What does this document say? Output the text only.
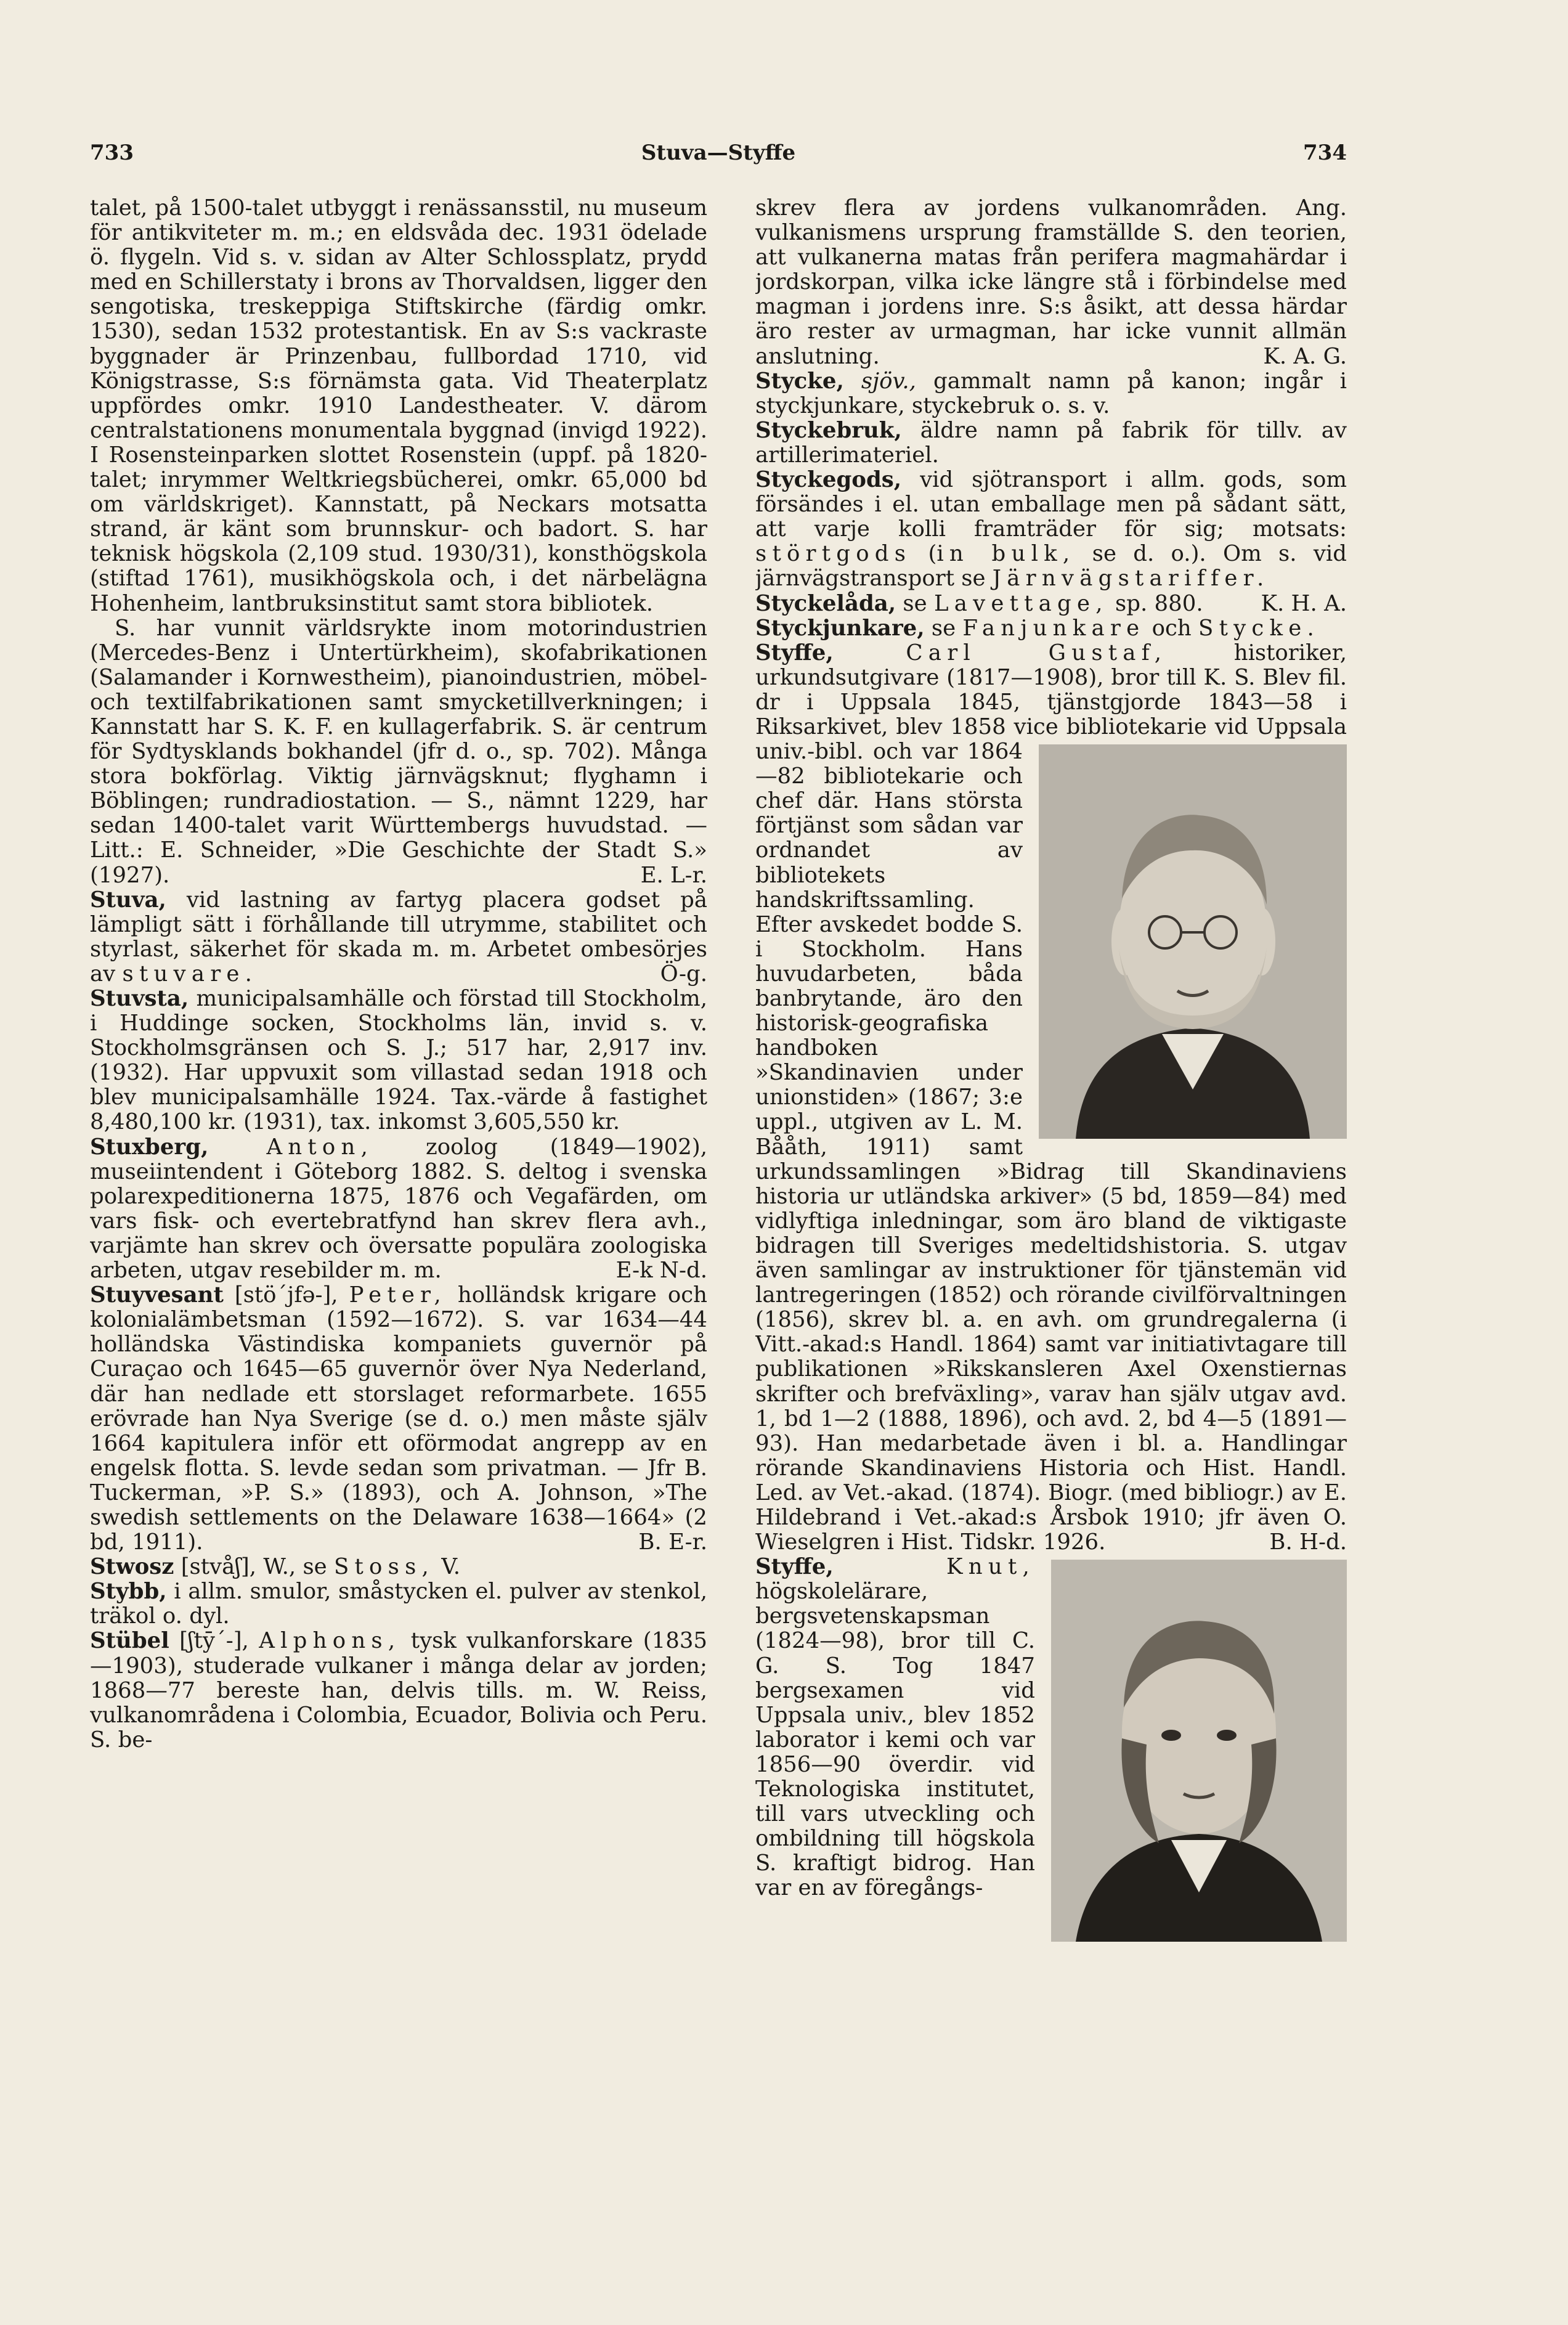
733	Stuva—Styffe	734

talet, på 1500-talet utbyggt i renässansstil, nu museum för antikviteter m. m.; en eldsvåda dec. 1931 ödelade ö. flygeln. Vid s. v. sidan av Alter Schlossplatz, prydd med en Schillerstaty i brons av Thorvaldsen, ligger den sengotiska, treskeppiga Stiftskirche (färdig omkr. 1530), sedan 1532 protestantisk. En av S:s vackraste byggnader är Prinzenbau, fullbordad 1710, vid Königstrasse, S:s förnämsta gata. Vid Theaterplatz uppfördes omkr. 1910 Landestheater. V. därom centralstationens monumentala byggnad (invigd 1922). I Rosensteinparken slottet Rosenstein (uppf. på 1820-talet; inrymmer Weltkriegsbücherei, omkr. 65,000 bd om världskriget). Kannstatt, på Neckars motsatta strand, är känt som brunnskur- och badort. S. har teknisk högskola (2,109 stud. 1930/31), konsthögskola (stiftad 1761), musikhögskola och, i det närbelägna Hohenheim, lantbruksinstitut samt stora bibliotek.

S. har vunnit världsrykte inom motorindustrien (Mercedes-Benz i Untertürkheim), skofabrikationen (Salamander i Kornwestheim), pianoindustrien, möbel- och textilfabrikationen samt smycketillverkningen; i Kannstatt har S. K. F. en kullagerfabrik. S. är centrum för Sydtysklands bokhandel (jfr d. o., sp. 702). Många stora bokförlag. Viktig järnvägsknut; flyghamn i Böblingen; rundradiostation. — S., nämnt 1229, har sedan 1400-talet varit Württembergs huvudstad. — Litt.: E. Schneider, »Die Geschichte der Stadt S.» (1927).	E. L-r.

Stuva, vid lastning av fartyg placera godset på lämpligt sätt i förhållande till utrymme, stabilitet och styrlast, säkerhet för skada m. m. Arbetet ombesörjes av stuvare.	Ö-g.

Stuvsta, municipalsamhälle och förstad till Stockholm, i Huddinge socken, Stockholms län, invid s. v. Stockholmsgränsen och S. J.; 517 har, 2,917 inv. (1932). Har uppvuxit som villastad sedan 1918 och blev municipalsamhälle 1924. Tax.-värde å fastighet 8,480,100 kr. (1931), tax. inkomst 3,605,550 kr.

Stuxberg, Anton, zoolog (1849—1902), museiintendent i Göteborg 1882. S. deltog i svenska polarexpeditionerna 1875, 1876 och Vegafärden, om vars fisk- och evertebratfynd han skrev flera avh., varjämte han skrev och översatte populära zoologiska arbeten, utgav resebilder m. m.	E-k N-d.

Stuyvesant [stö´jfə-], Peter, holländsk krigare och kolonialämbetsman (1592—1672). S. var 1634—44 holländska Västindiska kompaniets guvernör på Curaçao och 1645—65 guvernör över Nya Nederland, där han nedlade ett storslaget reformarbete. 1655 erövrade han Nya Sverige (se d. o.) men måste själv 1664 kapitulera inför ett oförmodat angrepp av en engelsk flotta. S. levde sedan som privatman. — Jfr B. Tuckerman, »P. S.» (1893), och A. Johnson, »The swedish settlements on the Delaware 1638—1664» (2 bd, 1911).	B. E-r.

Stwosz [stvåʃ], W., se Stoss, V.

Stybb, i allm. smulor, småstycken el. pulver av stenkol, träkol o. dyl.

Stübel [ʃtȳ´-], Alphons, tysk vulkanforskare (1835—1903), studerade vulkaner i många delar av jorden; 1868—77 bereste han, delvis tills. m. W. Reiss, vulkanområdena i Colombia, Ecuador, Bolivia och Peru. S. be-

skrev flera av jordens vulkanområden. Ang. vulkanismens ursprung framställde S. den teorien, att vulkanerna matas från perifera magmahärdar i jordskorpan, vilka icke längre stå i förbindelse med magman i jordens inre. S:s åsikt, att dessa härdar äro rester av urmagman, har icke vunnit allmän anslutning.	K. A. G.

Stycke, sjöv., gammalt namn på kanon; ingår i styckjunkare, styckebruk o. s. v.

Styckebruk, äldre namn på fabrik för tillv. av artillerimateriel.

Styckegods, vid sjötransport i allm. gods, som försändes i el. utan emballage men på sådant sätt, att varje kolli framträder för sig; motsats: störtgods (in bulk, se d. o.). Om s. vid järnvägstransport se Järnvägstariffer.
K. H. A.

Styckelåda, se Lavettage, sp. 880.

Styckjunkare, se Fanjunkare och Stycke.

Styffe, Carl Gustaf, historiker, urkundsutgivare (1817—1908), bror till K. S. Blev fil. dr i Uppsala 1845, tjänstgjorde 1843—58 i Riksarkivet, blev 1858 vice bibliotekarie vid Uppsala univ.-bibl. och var 1864—82 bibliotekarie och chef där. Hans största förtjänst som sådan var ordnandet av bibliotekets handskriftssamling. Efter avskedet bodde S. i Stockholm. Hans huvudarbeten, båda banbrytande, äro den historisk-geografiska handboken »Skandinavien under unionstiden» (1867; 3:e uppl., utgiven av L. M. Bååth, 1911) samt urkundssamlingen »Bidrag till Skandinaviens historia ur utländska arkiver» (5 bd, 1859—84) med vidlyftiga inledningar, som äro bland de viktigaste bidragen till Sveriges medeltidshistoria. S. utgav även samlingar av instruktioner för tjänstemän vid lantregeringen (1852) och rörande civilförvaltningen (1856), skrev bl. a. en avh. om grundregalerna (i Vitt.-akad:s Handl. 1864) samt var initiativtagare till publikationen »Rikskansleren Axel Oxenstiernas skrifter och brefväxling», varav han själv utgav avd. 1, bd 1—2 (1888, 1896), och avd. 2, bd 4—5 (1891—93). Han medarbetade även i bl. a. Handlingar rörande Skandinaviens Historia och Hist. Handl. Led. av Vet.-akad. (1874). Biogr. (med bibliogr.) av E. Hildebrand i Vet.-akad:s Årsbok 1910; jfr även O. Wieselgren i Hist. Tidskr. 1926.	B. H-d.

Styffe, Knut, högskolelärare, bergsvetenskapsman (1824—98), bror till C. G. S. Tog 1847 bergsexamen vid Uppsala univ., blev 1852 laborator i kemi och var 1856—90 överdir. vid Teknologiska institutet, till vars utveckling och ombildning till högskola S. kraftigt bidrog. Han var en av föregångs-
